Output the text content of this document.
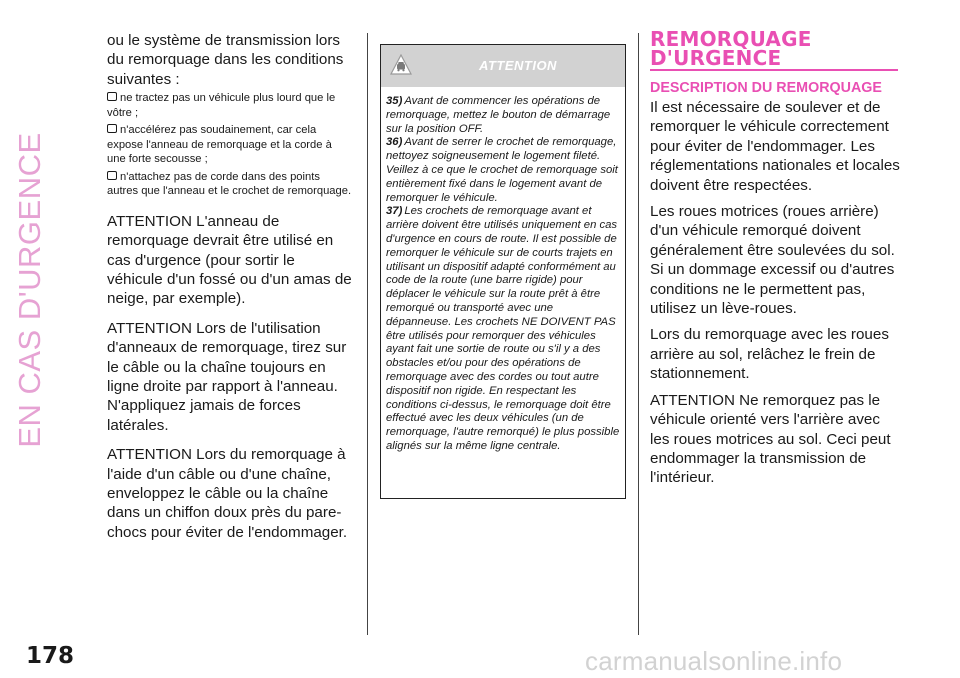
EN CAS D'URGENCE

ou le système de transmission lors du remorquage dans les conditions suivantes :

ne tractez pas un véhicule plus lourd que le vôtre ;

n'accélérez pas soudainement, car cela expose l'anneau de remorquage et la corde à une forte secousse ;

n'attachez pas de corde dans des points autres que l'anneau et le crochet de remorquage.

ATTENTION L'anneau de remorquage devrait être utilisé en cas d'urgence (pour sortir le véhicule d'un fossé ou d'un amas de neige, par exemple).

ATTENTION Lors de l'utilisation d'anneaux de remorquage, tirez sur le câble ou la chaîne toujours en ligne droite par rapport à l'anneau. N'appliquez jamais de forces latérales.

ATTENTION Lors du remorquage à l'aide d'un câble ou d'une chaîne, enveloppez le câble ou la chaîne dans un chiffon doux près du pare-chocs pour éviter de l'endommager.

ATTENTION

35) Avant de commencer les opérations de remorquage, mettez le bouton de démarrage sur la position OFF.

36) Avant de serrer le crochet de remorquage, nettoyez soigneusement le logement fileté. Veillez à ce que le crochet de remorquage soit entièrement fixé dans le logement avant de remorquer le véhicule.

37) Les crochets de remorquage avant et arrière doivent être utilisés uniquement en cas d'urgence en cours de route. Il est possible de remorquer le véhicule sur de courts trajets en utilisant un dispositif adapté conformément au code de la route (une barre rigide) pour déplacer le véhicule sur la route prêt à être remorqué ou transporté avec une dépanneuse. Les crochets NE DOIVENT PAS être utilisés pour remorquer des véhicules ayant fait une sortie de route ou s'il y a des obstacles et/ou pour des opérations de remorquage avec des cordes ou tout autre dispositif non rigide. En respectant les conditions ci-dessus, le remorquage doit être effectué avec les deux véhicules (un de remorquage, l'autre remorqué) le plus possible alignés sur la même ligne centrale.

REMORQUAGE
D'URGENCE
DESCRIPTION DU REMORQUAGE

Il est nécessaire de soulever et de remorquer le véhicule correctement pour éviter de l'endommager. Les réglementations nationales et locales doivent être respectées.

Les roues motrices (roues arrière) d'un véhicule remorqué doivent généralement être soulevées du sol. Si un dommage excessif ou d'autres conditions ne le permettent pas, utilisez un lève-roues.

Lors du remorquage avec les roues arrière au sol, relâchez le frein de stationnement.

ATTENTION Ne remorquez pas le véhicule orienté vers l'arrière avec les roues motrices au sol. Ceci peut endommager la transmission de l'intérieur.

178	carmanualsonline.info
